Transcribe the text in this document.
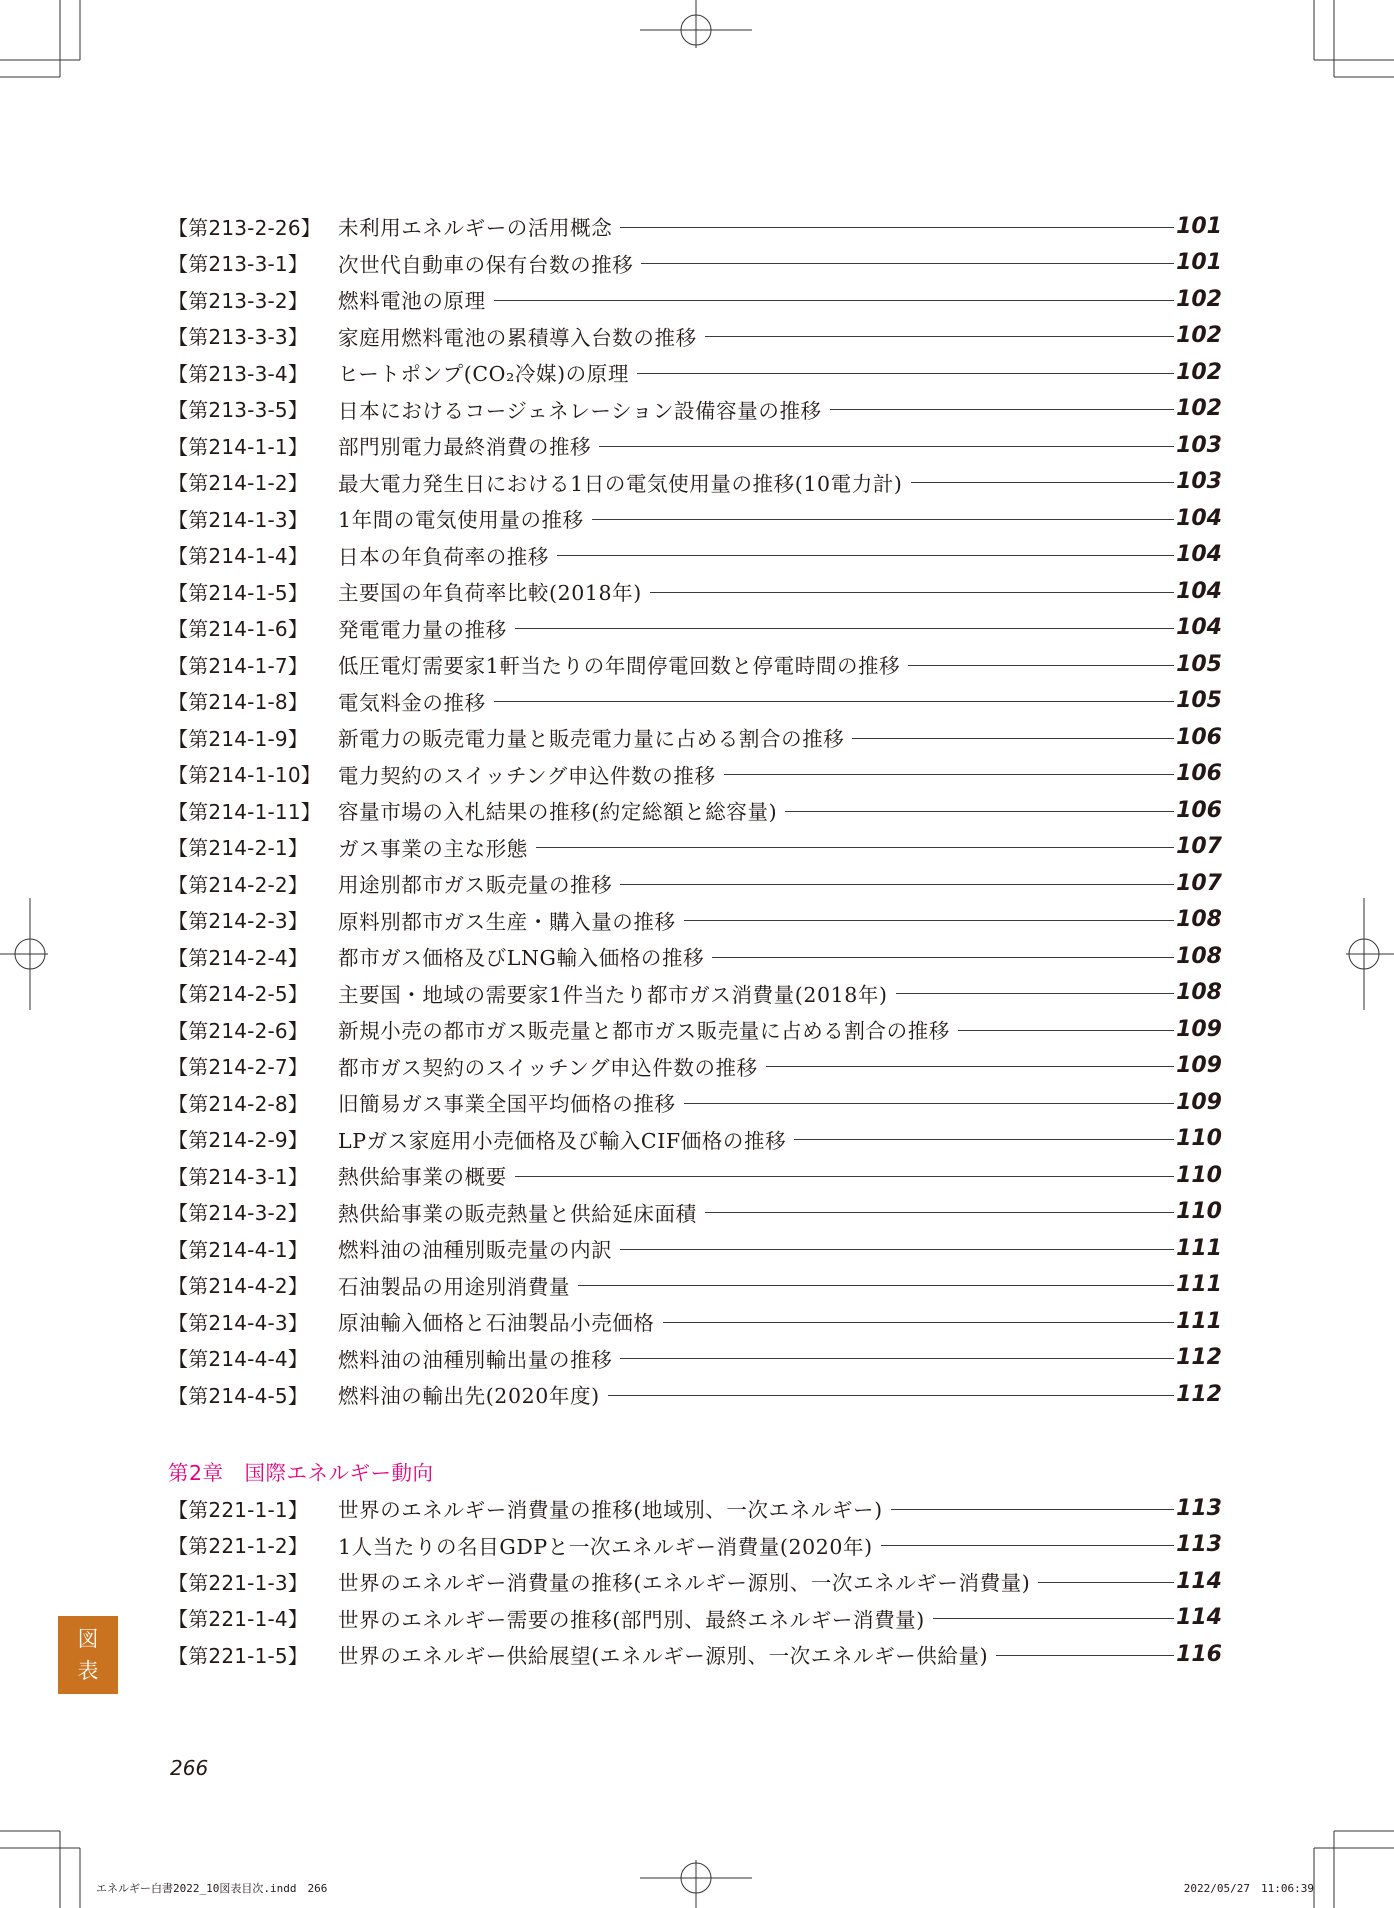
【第213-2-26】 未利用エネルギーの活用概念	101
【第213-3-1】	次世代自動車の保有台数の推移	101
【第213-3-2】	燃料電池の原理	102
【第213-3-3】	家庭用燃料電池の累積導入台数の推移	102
【第213-3-4】	ヒートポンプ(CO₂冷媒)の原理	102
【第213-3-5】	日本におけるコージェネレーション設備容量の推移	102
【第214-1-1】	部門別電力最終消費の推移	103
【第214-1-2】	最大電力発生日における1日の電気使用量の推移(10電力計)	103
【第214-1-3】	1年間の電気使用量の推移	104
【第214-1-4】	日本の年負荷率の推移	104
【第214-1-5】	主要国の年負荷率比較(2018年)	104
【第214-1-6】	発電電力量の推移	104
【第214-1-7】	低圧電灯需要家1軒当たりの年間停電回数と停電時間の推移	105
【第214-1-8】	電気料金の推移	105
【第214-1-9】	新電力の販売電力量と販売電力量に占める割合の推移	106
【第214-1-10】 電力契約のスイッチング申込件数の推移	106
【第214-1-11】 容量市場の入札結果の推移(約定総額と総容量)	106
【第214-2-1】	ガス事業の主な形態	107
【第214-2-2】	用途別都市ガス販売量の推移	107
【第214-2-3】	原料別都市ガス生産・購入量の推移	108
【第214-2-4】	都市ガス価格及びLNG輸入価格の推移	108
【第214-2-5】	主要国・地域の需要家1件当たり都市ガス消費量(2018年)	108
【第214-2-6】	新規小売の都市ガス販売量と都市ガス販売量に占める割合の推移	109
【第214-2-7】	都市ガス契約のスイッチング申込件数の推移	109
【第214-2-8】	旧簡易ガス事業全国平均価格の推移	109
【第214-2-9】	LPガス家庭用小売価格及び輸入CIF価格の推移	110
【第214-3-1】	熱供給事業の概要	110
【第214-3-2】	熱供給事業の販売熱量と供給延床面積	110
【第214-4-1】	燃料油の油種別販売量の内訳	111
【第214-4-2】	石油製品の用途別消費量	111
【第214-4-3】	原油輸入価格と石油製品小売価格	111
【第214-4-4】	燃料油の油種別輸出量の推移	112
【第214-4-5】	燃料油の輸出先(2020年度)	112
第2章　国際エネルギー動向
【第221-1-1】	世界のエネルギー消費量の推移(地域別、一次エネルギー)	113
【第221-1-2】	1人当たりの名目GDPと一次エネルギー消費量(2020年)	113
【第221-1-3】	世界のエネルギー消費量の推移(エネルギー源別、一次エネルギー消費量)	114
【第221-1-4】	世界のエネルギー需要の推移(部門別、最終エネルギー消費量)	114
【第221-1-5】	世界のエネルギー供給展望(エネルギー源別、一次エネルギー供給量)	116
図
表
266
エネルギー白書2022_10図表目次.indd　266	2022/05/27　11:06:39
